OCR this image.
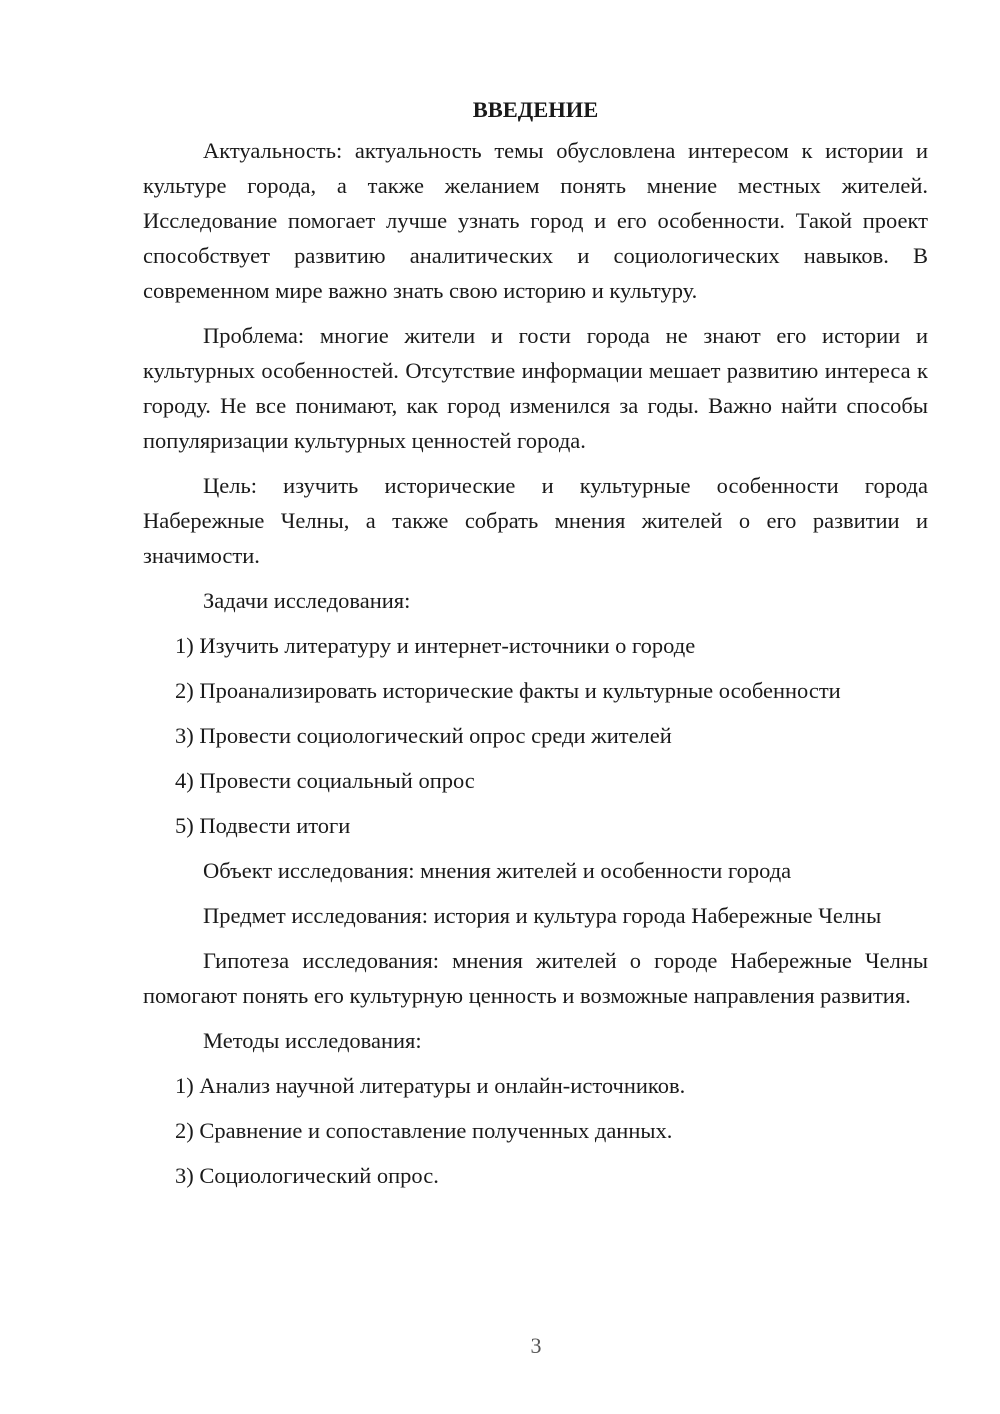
ВВЕДЕНИЕ

Актуальность: актуальность темы обусловлена интересом к истории и культуре города, а также желанием понять мнение местных жителей. Исследование помогает лучше узнать город и его особенности. Такой проект способствует развитию аналитических и социологических навыков. В современном мире важно знать свою историю и культуру.

Проблема: многие жители и гости города не знают его истории и культурных особенностей. Отсутствие информации мешает развитию интереса к городу. Не все понимают, как город изменился за годы. Важно найти способы популяризации культурных ценностей города.

Цель: изучить исторические и культурные особенности города Набережные Челны, а также собрать мнения жителей о его развитии и значимости.

Задачи исследования:

1) Изучить литературу и интернет-источники о городе

2) Проанализировать исторические факты и культурные особенности

3) Провести социологический опрос среди жителей

4) Провести социальный опрос

5) Подвести итоги

Объект исследования: мнения жителей и особенности города

Предмет исследования: история и культура города Набережные Челны

Гипотеза исследования: мнения жителей о городе Набережные Челны помогают понять его культурную ценность и возможные направления развития.

Методы исследования:

1) Анализ научной литературы и онлайн-источников.

2) Сравнение и сопоставление полученных данных.

3) Социологический опрос.

3
